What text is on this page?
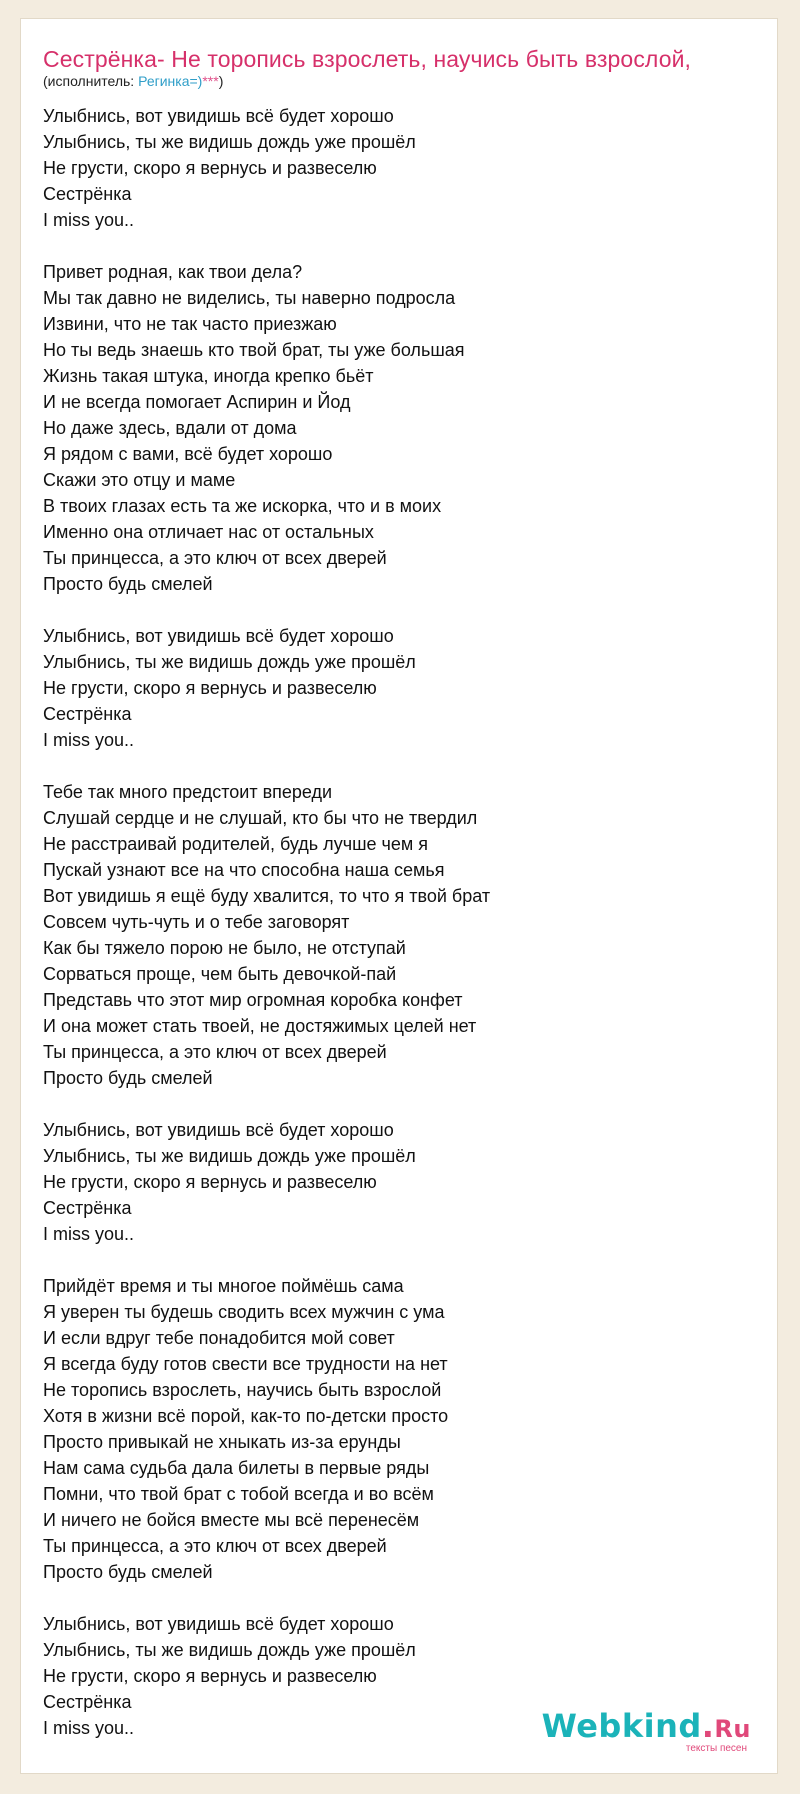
Сестрёнка- Не торопись взрослеть, научись быть взрослой,
(исполнитель: Регинка=)***)
Улыбнись, вот увидишь всё будет хорошо
Улыбнись, ты же видишь дождь уже прошёл
Не грусти, скоро я вернусь и развеселю
Сестрёнка
I miss you..
Привет родная, как твои дела?
Мы так давно не виделись, ты наверно подросла
Извини, что не так часто приезжаю
Но ты ведь знаешь кто твой брат, ты уже большая
Жизнь такая штука, иногда крепко бьёт
И не всегда помогает Аспирин и Йод
Но даже здесь, вдали от дома
Я рядом с вами, всё будет хорошо
Скажи это отцу и маме
В твоих глазах есть та же искорка, что и в моих
Именно она отличает нас от остальных
Ты принцесса, а это ключ от всех дверей
Просто будь смелей
Улыбнись, вот увидишь всё будет хорошо
Улыбнись, ты же видишь дождь уже прошёл
Не грусти, скоро я вернусь и развеселю
Сестрёнка
I miss you..
Тебе так много предстоит впереди
Слушай сердце и не слушай, кто бы что не твердил
Не расстраивай родителей, будь лучше чем я
Пускай узнают все на что способна наша семья
Вот увидишь я ещё буду хвалится, то что я твой брат
Совсем чуть-чуть и о тебе заговорят
Как бы тяжело порою не было, не отступай
Сорваться проще, чем быть девочкой-пай
Представь что этот мир огромная коробка конфет
И она может стать твоей, не достяжимых целей нет
Ты принцесса, а это ключ от всех дверей
Просто будь смелей
Улыбнись, вот увидишь всё будет хорошо
Улыбнись, ты же видишь дождь уже прошёл
Не грусти, скоро я вернусь и развеселю
Сестрёнка
I miss you..
Прийдёт время и ты многое поймёшь сама
Я уверен ты будешь сводить всех мужчин с ума
И если вдруг тебе понадобится мой совет
Я всегда буду готов свести все трудности на нет
Не торопись взрослеть, научись быть взрослой
Хотя в жизни всё порой, как-то по-детски просто
Просто привыкай не хныкать из-за ерунды
Нам сама судьба дала билеты в первые ряды
Помни, что твой брат с тобой всегда и во всём
И ничего не бойся вместе мы всё перенесём
Ты принцесса, а это ключ от всех дверей
Просто будь смелей
Улыбнись, вот увидишь всё будет хорошо
Улыбнись, ты же видишь дождь уже прошёл
Не грусти, скоро я вернусь и развеселю
Сестрёнка
I miss you..	Webkind.Ru
тексты песен
